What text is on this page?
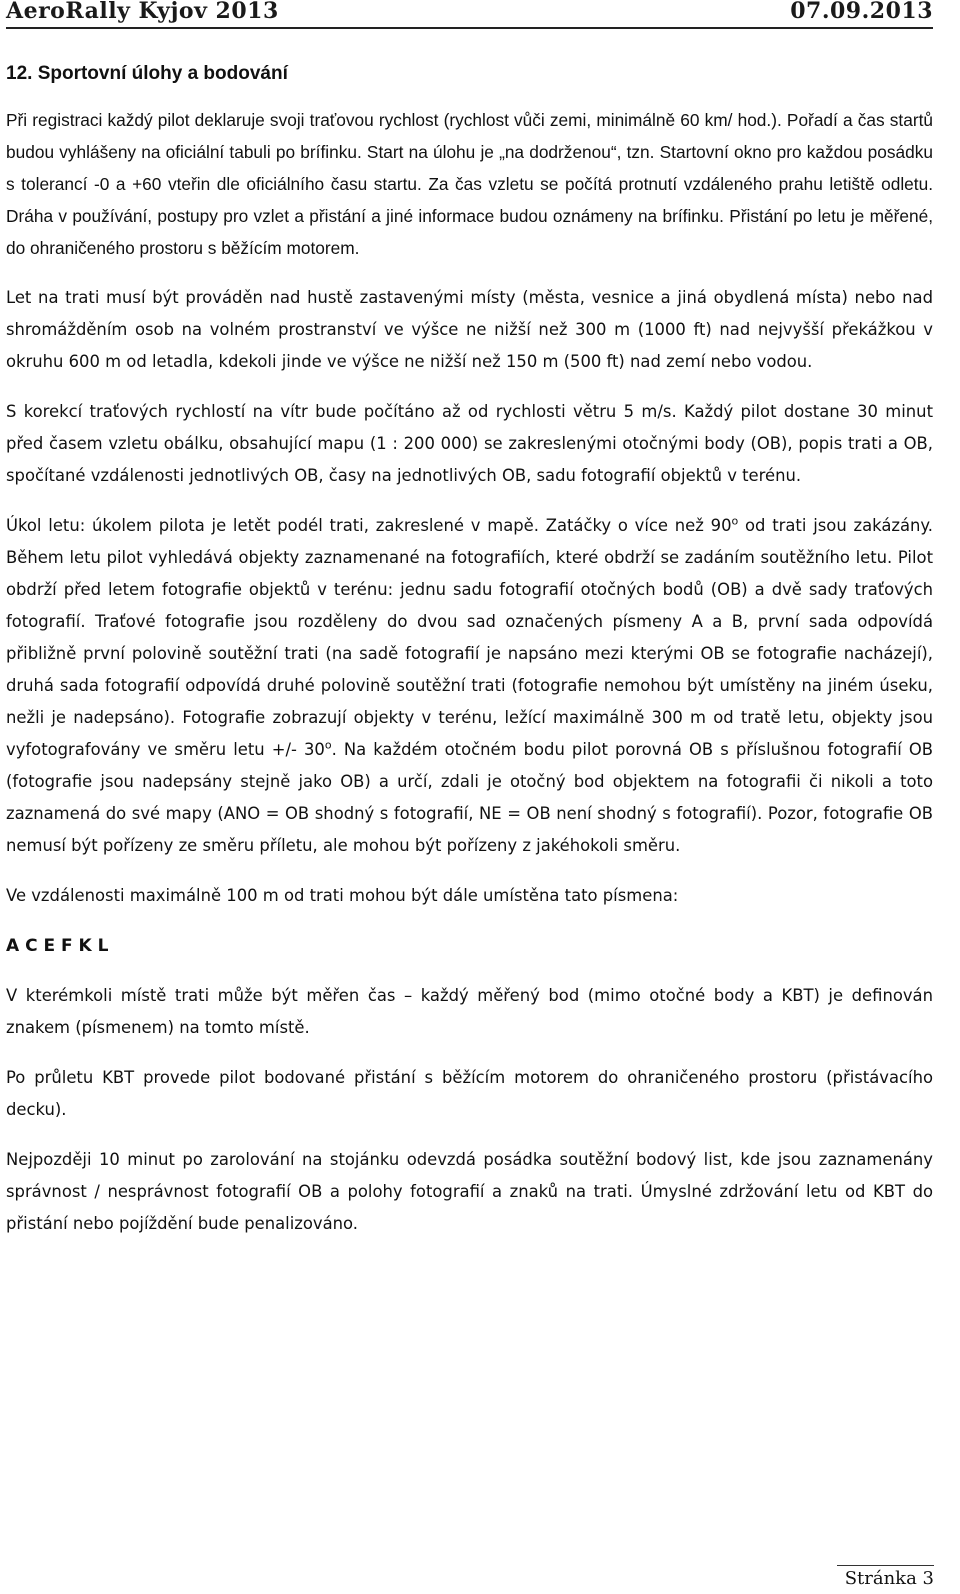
AeroRally Kyjov 2013	07.09.2013
12. Sportovní úlohy a bodování

Při registraci každý pilot deklaruje svoji traťovou rychlost (rychlost vůči zemi, minimálně 60 km/ hod.). Pořadí a čas startů budou vyhlášeny na oficiální tabuli po brífinku. Start na úlohu je „na dodrženou“, tzn. Startovní okno pro každou posádku s tolerancí -0 a +60 vteřin dle oficiálního času startu. Za čas vzletu se počítá protnutí vzdáleného prahu letiště odletu. Dráha v používání, postupy pro vzlet a přistání a jiné informace budou oznámeny na brífinku. Přistání po letu je měřené, do ohraničeného prostoru s běžícím motorem.

Let na trati musí být prováděn nad hustě zastavenými místy (města, vesnice a jiná obydlená místa) nebo nad shromážděním osob na volném prostranství ve výšce ne nižší než 300 m (1000 ft) nad nejvyšší překážkou v okruhu 600 m od letadla, kdekoli jinde ve výšce ne nižší než 150 m (500 ft) nad zemí nebo vodou.

S korekcí traťových rychlostí na vítr bude počítáno až od rychlosti větru 5 m/s. Každý pilot dostane 30 minut před časem vzletu obálku, obsahující mapu (1 : 200 000) se zakreslenými otočnými body (OB), popis trati a OB, spočítané vzdálenosti jednotlivých OB, časy na jednotlivých OB, sadu fotografií objektů v terénu.

Úkol letu: úkolem pilota je letět podél trati, zakreslené v mapě. Zatáčky o více než 90$^o$ od trati jsou zakázány. Během letu pilot vyhledává objekty zaznamenané na fotografiích, které obdrží se zadáním soutěžního letu. Pilot obdrží před letem fotografie objektů v terénu: jednu sadu fotografií otočných bodů (OB) a dvě sady traťových fotografií. Traťové fotografie jsou rozděleny do dvou sad označených písmeny A a B, první sada odpovídá přibližně první polovině soutěžní trati (na sadě fotografií je napsáno mezi kterými OB se fotografie nacházejí), druhá sada fotografií odpovídá druhé polovině soutěžní trati (fotografie nemohou být umístěny na jiném úseku, nežli je nadepsáno). Fotografie zobrazují objekty v terénu, ležící maximálně 300 m od tratě letu, objekty jsou vyfotografovány ve směru letu +/- 30$^o$. Na každém otočném bodu pilot porovná OB s příslušnou fotografií OB (fotografie jsou nadepsány stejně jako OB) a určí, zdali je otočný bod objektem na fotografii či nikoli a toto zaznamená do své mapy (ANO = OB shodný s fotografií, NE = OB není shodný s fotografií). Pozor, fotografie OB nemusí být pořízeny ze směru příletu, ale mohou být pořízeny z jakéhokoli směru.

Ve vzdálenosti maximálně 100 m od trati mohou být dále umístěna tato písmena:

A C E F K L

V kterémkoli místě trati může být měřen čas – každý měřený bod (mimo otočné body a KBT) je definován znakem (písmenem) na tomto místě.

Po průletu KBT provede pilot bodované přistání s běžícím motorem do ohraničeného prostoru (přistávacího decku).

Nejpozději 10 minut po zarolování na stojánku odevzdá posádka soutěžní bodový list, kde jsou zaznamenány správnost / nesprávnost fotografií OB a polohy fotografií a znaků na trati. Úmyslné zdržování letu od KBT do přistání nebo pojíždění bude penalizováno.

Stránka 3
